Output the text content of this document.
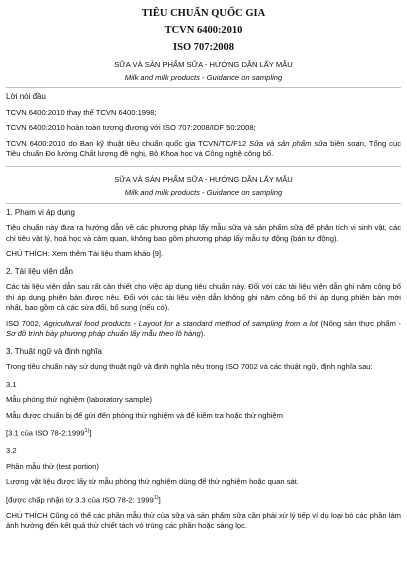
TIÊU CHUẨN QUỐC GIA
TCVN 6400:2010
ISO 707:2008
SỮA VÀ SẢN PHẨM SỮA - HƯỚNG DẪN LẤY MẪU
Milk and milk products - Guidance on sampling

Lời nói đầu

TCVN 6400:2010 thay thế TCVN 6400:1998;

TCVN 6400:2010 hoàn toàn tương đương với ISO 707:2008/IDF 50:2008;

TCVN 6400:2010 do Ban kỹ thuật tiêu chuẩn quốc gia TCVN/TC/F12 Sữa và sản phẩm sữa biên soạn, Tổng cục Tiêu chuẩn Đo lường Chất lượng đề nghị, Bộ Khoa học và Công nghệ công bố.

SỮA VÀ SẢN PHẨM SỮA - HƯỚNG DẪN LẤY MẪU
Milk and milk products - Guidance on sampling

1. Phạm vi áp dụng

Tiêu chuẩn này đưa ra hướng dẫn về các phương pháp lấy mẫu sữa và sản phẩm sữa để phân tích vi sinh vật, các chỉ tiêu vật lý, hoá học và cảm quan, không bao gồm phương pháp lấy mẫu tự động (bán tự động).

CHÚ THÍCH: Xem thêm Tài liệu tham khảo [9].

2. Tài liệu viện dẫn

Các tài liệu viện dẫn sau rất cần thiết cho việc áp dụng tiêu chuẩn này. Đối với các tài liệu viện dẫn ghi năm công bố thì áp dụng phiên bản được nêu. Đối với các tài liệu viện dẫn không ghi năm công bố thì áp dụng phiên bản mới nhất, bao gồm cả các sửa đổi, bổ sung (nếu có).

ISO 7002, Agricultural food products - Layout for a standard method of sampling from a lot (Nông sản thực phẩm - Sơ đồ trình bày phương pháp chuẩn lấy mẫu theo lô hàng).

3. Thuật ngữ và định nghĩa

Trong tiêu chuẩn này sử dụng thuật ngữ và định nghĩa nêu trong ISO 7002 và các thuật ngữ, định nghĩa sau:

3.1

Mẫu phòng thử nghiệm (laboratory sample)

Mẫu được chuẩn bị để gửi đến phòng thử nghiệm và để kiểm tra hoặc thử nghiệm

[3.1 của ISO 78-2:1999$^{1)}$]

3.2

Phần mẫu thử (test portion)

Lượng vật liệu được lấy từ mẫu phòng thử nghiệm dùng để thử nghiệm hoặc quan sát.

[được chấp nhận từ 3.3 của ISO 78-2: 1999$^{1)}$]

CHÚ THÍCH Cũng có thể các phần mẫu thử của sữa và sản phẩm sữa cần phải xử lý tiếp ví dụ loại bỏ các phần làm ảnh hưởng đến kết quả thử chiết tách vỏ trùng các phần hoặc sàng lọc.
